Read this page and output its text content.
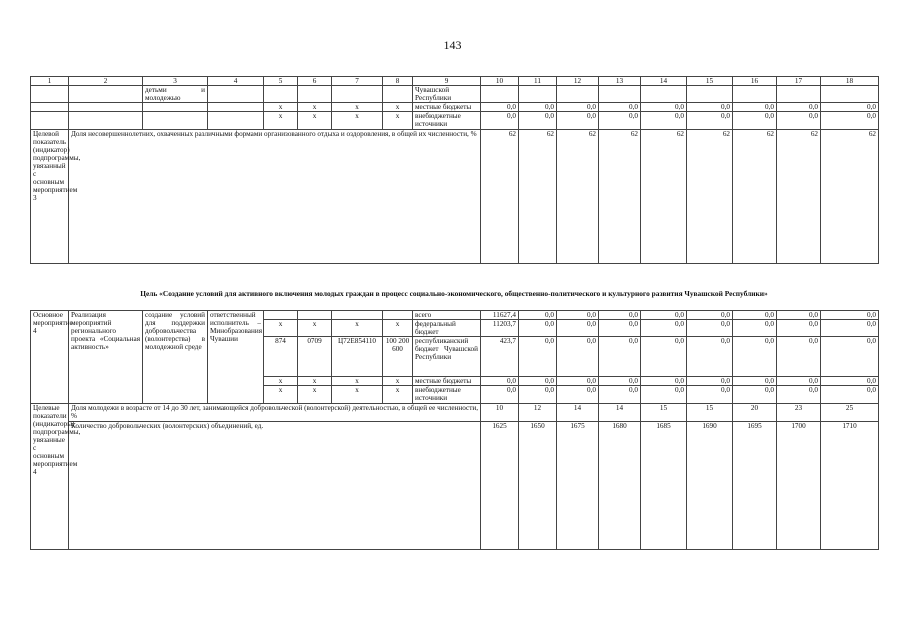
143
1	2	3	4	5	6	7	8	9	10	11	12	13	14	15	16	17	18
		детьми и молодежью						Чувашской Республики									
				х	х	х	х	местные бюджеты	0,0	0,0	0,0	0,0	0,0	0,0	0,0	0,0	0,0
				х	х	х	х	внебюджетные источники	0,0	0,0	0,0	0,0	0,0	0,0	0,0	0,0	0,0
Целевой показатель (индикатор) подпрограммы, увязанный с основным мероприятием 3	Доля несовершеннолетних, охваченных различными формами организованного отдыха и оздоровления, в общей их численности, %								62	62	62	62	62	62	62	62	62
Цель «Создание условий для активного включения молодых граждан в процесс социально-экономического, общественно-политического и культурного развития Чувашской Республики»
Основное мероприятие 4	Реализация мероприятий регионального проекта «Социальная активность»	создание условий для поддержки добровольчества (волонтерства) в молодежной среде	ответственный исполнитель – Минобразования Чувашии					всего	11627,4	0,0	0,0	0,0	0,0	0,0	0,0	0,0	0,0
				х	х	х	х	федеральный бюджет	11203,7	0,0	0,0	0,0	0,0	0,0	0,0	0,0	0,0
				874	0709	Ц72Е854110	100 200 600	республиканский бюджет Чувашской Республики	423,7	0,0	0,0	0,0	0,0	0,0	0,0	0,0	0,0
				х	х	х	х	местные бюджеты	0,0	0,0	0,0	0,0	0,0	0,0	0,0	0,0	0,0
				х	х	х	х	внебюджетные источники	0,0	0,0	0,0	0,0	0,0	0,0	0,0	0,0	0,0
Целевые показатели (индикаторы) подпрограммы, увязанные с основным мероприятием 4	Доля молодежи в возрасте от 14 до 30 лет, занимающейся добровольческой (волонтерской) деятельностью, в общей ее численности, %								10	12	14	14	15	15	20	23	25
	Количество добровольческих (волонтерских) объединений, ед.								1625	1650	1675	1680	1685	1690	1695	1700	1710
